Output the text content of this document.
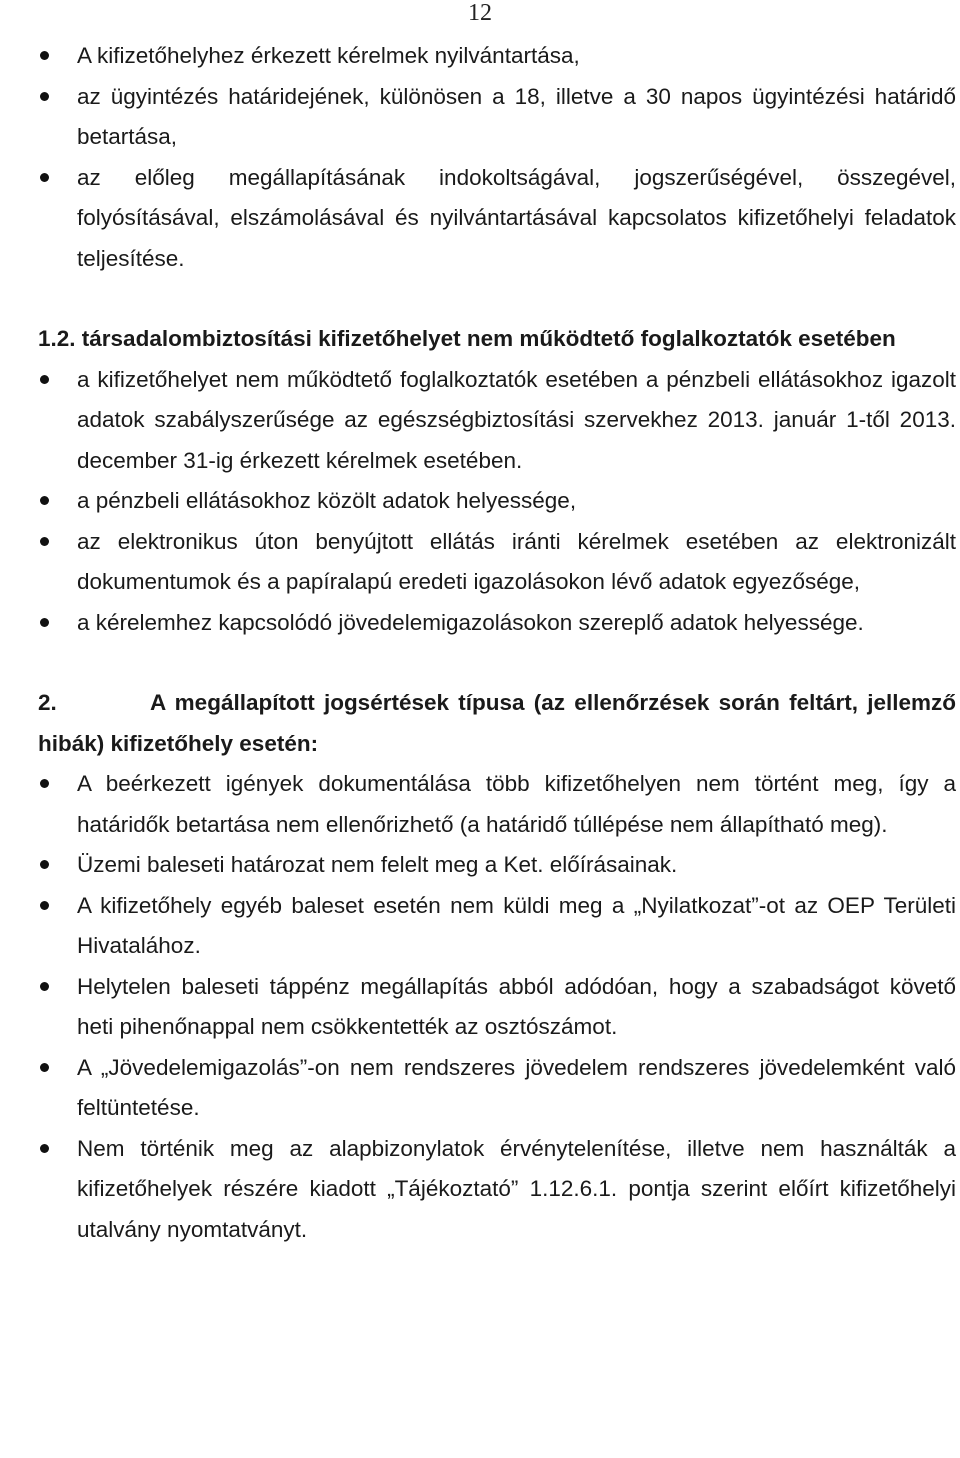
12

A kifizetőhelyhez érkezett kérelmek nyilvántartása,

az ügyintézés határidejének, különösen a 18, illetve a 30 napos ügyintézési határidő betartása,

az előleg megállapításának indokoltságával, jogszerűségével, összegével, folyósításával, elszámolásával és nyilvántartásával kapcsolatos kifizetőhelyi feladatok teljesítése.

1.2. társadalombiztosítási kifizetőhelyet nem működtető foglalkoztatók esetében

a kifizetőhelyet nem működtető foglalkoztatók esetében a pénzbeli ellátásokhoz igazolt adatok szabályszerűsége az egészségbiztosítási szervekhez 2013. január 1-től 2013. december 31-ig érkezett kérelmek esetében.

a pénzbeli ellátásokhoz közölt adatok helyessége,

az elektronikus úton benyújtott ellátás iránti kérelmek esetében az elektronizált dokumentumok és a papíralapú eredeti igazolásokon lévő adatok egyezősége,

a kérelemhez kapcsolódó jövedelemigazolásokon szereplő adatok helyessége.

2.	A megállapított jogsértések típusa (az ellenőrzések során feltárt, jellemző hibák) kifizetőhely esetén:

A beérkezett igények dokumentálása több kifizetőhelyen nem történt meg, így a határidők betartása nem ellenőrizhető (a határidő túllépése nem állapítható meg).

Üzemi baleseti határozat nem felelt meg a Ket. előírásainak.

A kifizetőhely egyéb baleset esetén nem küldi meg a „Nyilatkozat”-ot az OEP Területi Hivatalához.

Helytelen baleseti táppénz megállapítás abból adódóan, hogy a szabadságot követő heti pihenőnappal nem csökkentették az osztószámot.

A „Jövedelemigazolás”-on nem rendszeres jövedelem rendszeres jövedelemként való feltüntetése.

Nem történik meg az alapbizonylatok érvénytelenítése, illetve nem használták a kifizetőhelyek részére kiadott „Tájékoztató” 1.12.6.1. pontja szerint előírt kifizetőhelyi utalvány nyomtatványt.
